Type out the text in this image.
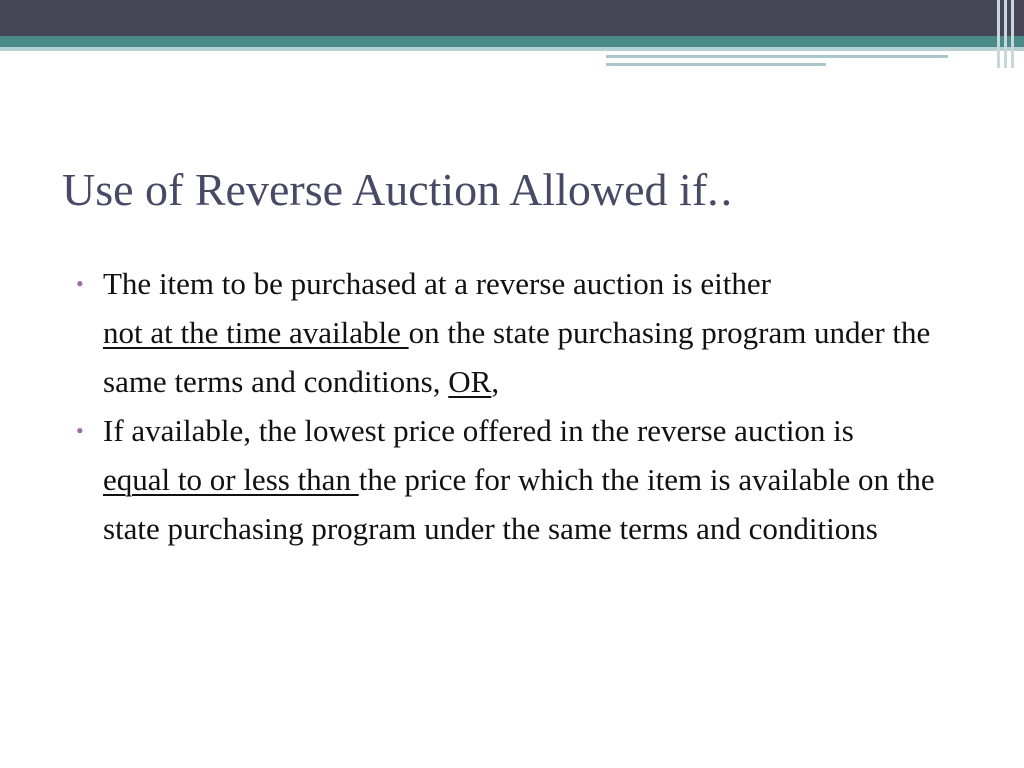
Use of Reverse Auction Allowed if..
• The item to be purchased at a reverse auction is either not at the time available on the state purchasing program under the same terms and conditions, OR,
• If available, the lowest price offered in the reverse auction is equal to or less than the price for which the item is available on the state purchasing program under the same terms and conditions
